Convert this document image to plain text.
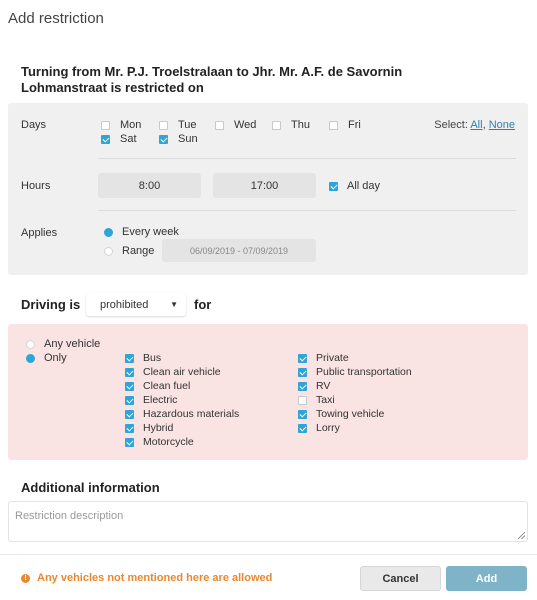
Add restriction
Turning from Mr. P.J. Troelstralaan to Jhr. Mr. A.F. de Savornin Lohmanstraat is restricted on
Days	Mon	Tue	Wed	Thu	Fri
Sat	Sun
Select: All, None
Hours	8:00	17:00	All day
Applies	Every week
Range	06/09/2019 - 07/09/2019
Driving is prohibited	▼ for
Any vehicle
Only	Bus
Clean air vehicle
Clean fuel
Electric
Hazardous materials
Hybrid
Motorcycle
Private
Public transportation
RV
Taxi
Towing vehicle
Lorry
Additional information
Restriction description
! Any vehicles not mentioned here are allowed	Cancel	Add
